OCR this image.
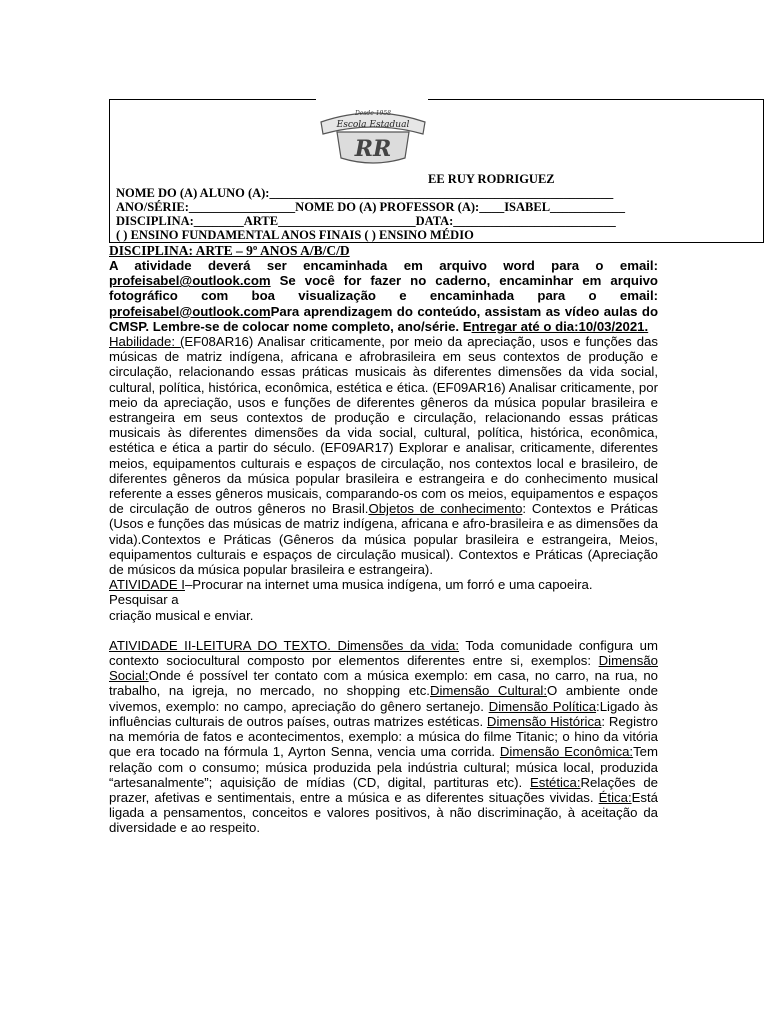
Desde 1958
Escola Estadual
RR
EE RUY RODRIGUEZ
NOME DO (A) ALUNO (A):_______________________________________________________
ANO/SÉRIE:_________________NOME DO (A) PROFESSOR (A):____ISABEL____________
DISCIPLINA:________ARTE______________________DATA:__________________________
( ) ENSINO FUNDAMENTAL ANOS FINAIS ( ) ENSINO MÉDIO
DISCIPLINA: ARTE – 9º ANOS A/B/C/D

A atividade deverá ser encaminhada em arquivo word para o email: profeisabel@outlook.com Se você for fazer no caderno, encaminhar em arquivo fotográfico com boa visualização e encaminhada para o email: profeisabel@outlook.comPara aprendizagem do conteúdo, assistam as vídeo aulas do CMSP. Lembre-se de colocar nome completo, ano/série. Entregar até o dia:10/03/2021.

Habilidade: (EF08AR16) Analisar criticamente, por meio da apreciação, usos e funções das músicas de matriz indígena, africana e afrobrasileira em seus contextos de produção e circulação, relacionando essas práticas musicais às diferentes dimensões da vida social, cultural, política, histórica, econômica, estética e ética. (EF09AR16) Analisar criticamente, por meio da apreciação, usos e funções de diferentes gêneros da música popular brasileira e estrangeira em seus contextos de produção e circulação, relacionando essas práticas musicais às diferentes dimensões da vida social, cultural, política, histórica, econômica, estética e ética a partir do século. (EF09AR17) Explorar e analisar, criticamente, diferentes meios, equipamentos culturais e espaços de circulação, nos contextos local e brasileiro, de diferentes gêneros da música popular brasileira e estrangeira e do conhecimento musical referente a esses gêneros musicais, comparando-os com os meios, equipamentos e espaços de circulação de outros gêneros no Brasil.Objetos de conhecimento: Contextos e Práticas (Usos e funções das músicas de matriz indígena, africana e afro-brasileira e as dimensões da vida).Contextos e Práticas (Gêneros da música popular brasileira e estrangeira, Meios, equipamentos culturais e espaços de circulação musical). Contextos e Práticas (Apreciação de músicos da música popular brasileira e estrangeira).

ATIVIDADE I–Procurar na internet uma musica indígena, um forró e uma capoeira.

Pesquisar a

criação musical e enviar.

ATIVIDADE II-LEITURA DO TEXTO. Dimensões da vida: Toda comunidade configura um contexto sociocultural composto por elementos diferentes entre si, exemplos: Dimensão Social:Onde é possível ter contato com a música exemplo: em casa, no carro, na rua, no trabalho, na igreja, no mercado, no shopping etc.Dimensão Cultural:O ambiente onde vivemos, exemplo: no campo, apreciação do gênero sertanejo. Dimensão Política:Ligado às influências culturais de outros países, outras matrizes estéticas. Dimensão Histórica: Registro na memória de fatos e acontecimentos, exemplo: a música do filme Titanic; o hino da vitória que era tocado na fórmula 1, Ayrton Senna, vencia uma corrida. Dimensão Econômica:Tem relação com o consumo; música produzida pela indústria cultural; música local, produzida “artesanalmente”; aquisição de mídias (CD, digital, partituras etc). Estética:Relações de prazer, afetivas e sentimentais, entre a música e as diferentes situações vividas. Ética:Está ligada a pensamentos, conceitos e valores positivos, à não discriminação, à aceitação da diversidade e ao respeito.
